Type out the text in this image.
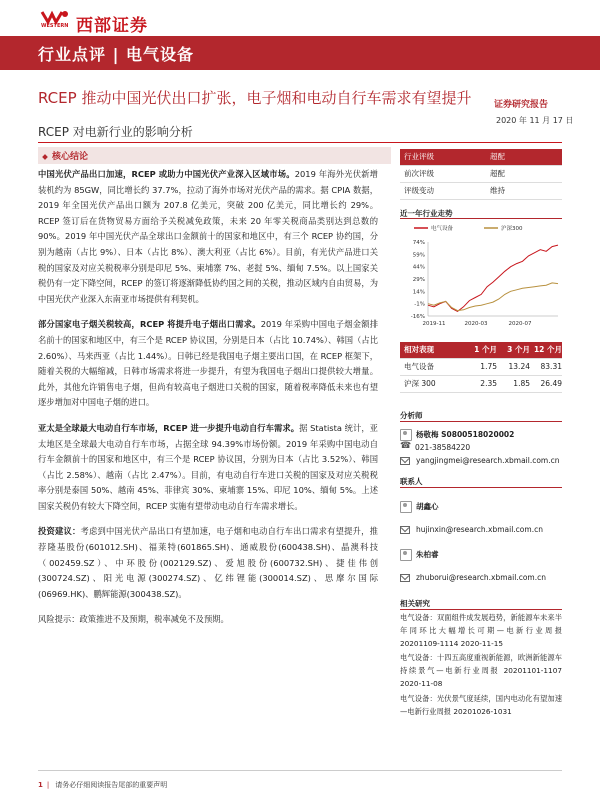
WESTERN 西部证券
行业点评 | 电气设备
RCEP 推动中国光伏出口扩张，电子烟和电动自行车需求有望提升	证券研究报告
2020 年 11 月 17 日
RCEP 对电新行业的影响分析
核心结论

中国光伏产品出口加速，RCEP 或助力中国光伏产业深入区域市场。2019 年海外光伏新增装机约为 85GW，同比增长约 37.7%，拉动了海外市场对光伏产品的需求。据 CPIA 数据，2019 年全国光伏产品出口额为 207.8 亿美元，突破 200 亿美元，同比增长约 29%。RCEP 签订后在货物贸易方面给予关税减免政策，未来 20 年零关税商品类别达到总数的 90%。2019 年中国光伏产品全球出口金额前十的国家和地区中，有三个 RCEP 协约国，分别为越南（占比 9%）、日本（占比 8%）、澳大利亚（占比 6%）。目前，有光伏产品进口关税的国家及对应关税税率分别是印尼 5%、柬埔寨 7%、老挝 5%、缅甸 7.5%。以上国家关税仍有一定下降空间，RCEP 的签订将逐渐降低协约国之间的关税，推动区域内自由贸易，为中国光伏产业深入东南亚市场提供有利契机。

部分国家电子烟关税较高，RCEP 将提升电子烟出口需求。2019 年采购中国电子烟金额排名前十的国家和地区中，有三个是 RCEP 协议国，分别是日本（占比 10.74%）、韩国（占比 2.60%）、马来西亚（占比 1.44%）。日韩已经是我国电子烟主要出口国，在 RCEP 框架下，随着关税的大幅缩减，日韩市场需求将进一步提升，有望为我国电子烟出口提供较大增量。此外，其他允许销售电子烟，但尚有较高电子烟进口关税的国家，随着税率降低未来也有望逐步增加对中国电子烟的进口。

亚太是全球最大电动自行车市场，RCEP 进一步提升电动自行车需求。据 Statista 统计，亚太地区是全球最大电动自行车市场，占据全球 94.39%市场份额。2019 年采购中国电动自行车金额前十的国家和地区中，有三个是 RCEP 协议国，分别为日本（占比 3.52%）、韩国（占比 2.58%）、越南（占比 2.47%）。目前，有电动自行车进口关税的国家及对应关税税率分别是泰国 50%、越南 45%、菲律宾 30%、柬埔寨 15%、印尼 10%、缅甸 5%。上述国家关税仍有较大下降空间，RCEP 实施有望带动电动自行车需求增长。

投资建议：考虑到中国光伏产品出口有望加速，电子烟和电动自行车出口需求有望提升，推荐隆基股份(601012.SH)、福莱特(601865.SH)、通威股份(600438.SH)、晶澳科技（002459.SZ）、中环股份(002129.SZ)、爱旭股份(600732.SH)、捷佳伟创(300724.SZ)、阳光电源(300274.SZ)、亿纬锂能(300014.SZ)、思摩尔国际(06969.HK)、鹏辉能源(300438.SZ)。

风险提示：政策推进不及预期，税率减免不及预期。

行业评级	超配
前次评级	超配
评级变动	维持
近一年行业走势
电气设备	沪深300
74%
59%
44%
29%
14%
-1%
-16%
2019-11	2020-03	2020-07
相对表现	1 个月	3 个月 12 个月
电气设备	1.75	13.24	83.31
沪深 300	2.35	1.85	26.49
分析师
杨敬梅 S0800518020002
☎
021-38584220
yangjingmei@research.xbmail.com.cn
联系人
胡鑫心
hujinxin@research.xbmail.com.cn
朱柏睿
zhuborui@research.xbmail.com.cn
相关研究

电气设备：双面组件成发展趋势，新能源车未来半年同环比大幅增长可期—电新行业周报 20201109-1114 2020-11-15

电气设备：十四五高度重视新能源，欧洲新能源车持续景气—电新行业周报 20201101-1107 2020-11-08

电气设备：光伏景气度延续，国内电动化有望加速—电新行业周报 20201026-1031

1 | 请务必仔细阅读报告尾部的重要声明
